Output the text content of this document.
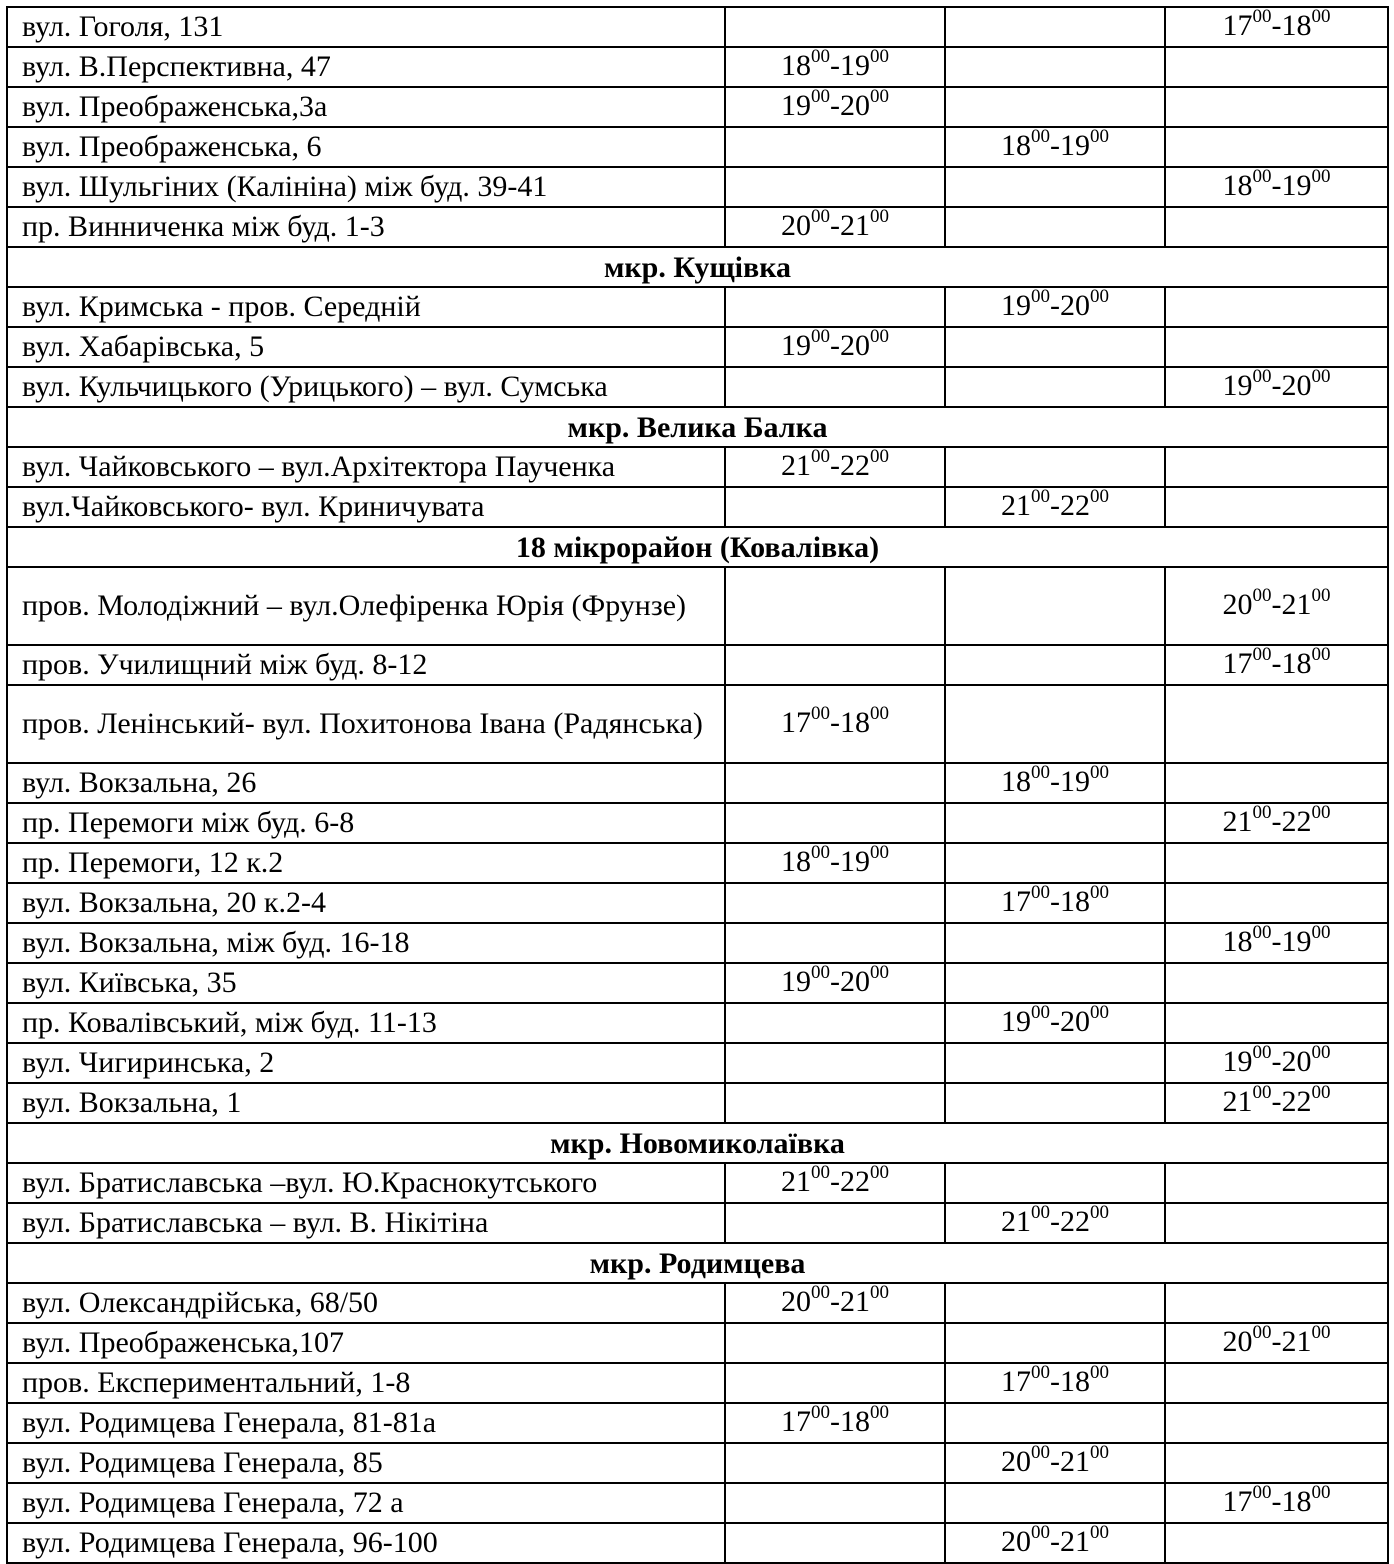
вул. Гоголя, 131			$17^{00}-18^{00}$
вул. В.Перспективна, 47	$18^{00}-19^{00}$		
вул. Преображенська,3а	$19^{00}-20^{00}$		
вул. Преображенська, 6		$18^{00}-19^{00}$	
вул. Шульгіних (Калініна) між буд. 39-41			$18^{00}-19^{00}$
пр. Винниченка між буд. 1-3	$20^{00}-21^{00}$		
мкр. Кущівка			
вул. Кримська - пров. Середній		$19^{00}-20^{00}$	
вул. Хабарівська, 5	$19^{00}-20^{00}$		
вул. Кульчицького (Урицького) – вул. Сумська			$19^{00}-20^{00}$
мкр. Велика Балка			
вул. Чайковського – вул.Архітектора Паученка	$21^{00}-22^{00}$		
вул.Чайковського- вул. Криничувата		$21^{00}-22^{00}$	
18 мікрорайон (Ковалівка)			
пров. Молодіжний – вул.Олефіренка Юрія (Фрунзе)			$20^{00}-21^{00}$
пров. Училищний між буд. 8-12			$17^{00}-18^{00}$
пров. Ленінський- вул. Похитонова Івана (Радянська)	$17^{00}-18^{00}$		
вул. Вокзальна, 26		$18^{00}-19^{00}$	
пр. Перемоги між буд. 6-8			$21^{00}-22^{00}$
пр. Перемоги, 12 к.2	$18^{00}-19^{00}$		
вул. Вокзальна, 20 к.2-4		$17^{00}-18^{00}$	
вул. Вокзальна, між буд. 16-18			$18^{00}-19^{00}$
вул. Київська, 35	$19^{00}-20^{00}$		
пр. Ковалівський, між буд. 11-13		$19^{00}-20^{00}$	
вул. Чигиринська, 2			$19^{00}-20^{00}$
вул. Вокзальна, 1			$21^{00}-22^{00}$
мкр. Новомиколаївка			
вул. Братиславська –вул. Ю.Краснокутського	$21^{00}-22^{00}$		
вул. Братиславська – вул. В. Нікітіна		$21^{00}-22^{00}$	
мкр. Родимцева			
вул. Олександрійська, 68/50	$20^{00}-21^{00}$		
вул. Преображенська,107			$20^{00}-21^{00}$
пров. Експериментальний, 1-8		$17^{00}-18^{00}$	
вул. Родимцева Генерала, 81-81а	$17^{00}-18^{00}$		
вул. Родимцева Генерала, 85		$20^{00}-21^{00}$	
вул. Родимцева Генерала, 72 а			$17^{00}-18^{00}$
вул. Родимцева Генерала, 96-100		$20^{00}-21^{00}$	
